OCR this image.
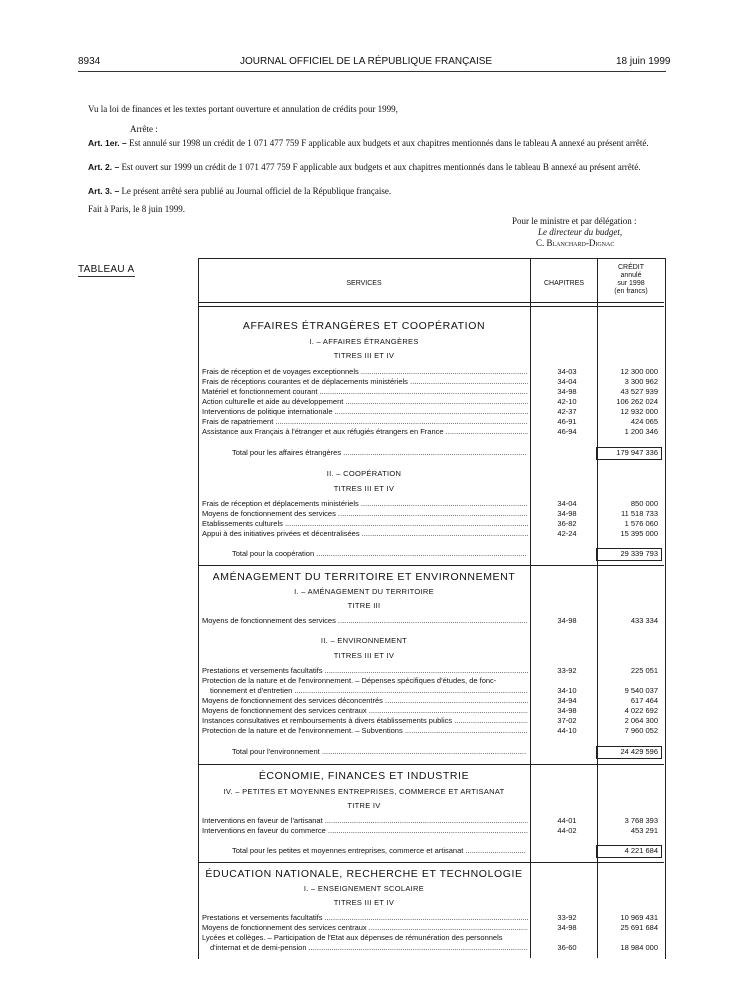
8934	JOURNAL OFFICIEL DE LA RÉPUBLIQUE FRANÇAISE	18 juin 1999
Vu la loi de finances et les textes portant ouverture et annulation de crédits pour 1999,
Arrête :
Art. 1er. – Est annulé sur 1998 un crédit de 1 071 477 759 F applicable aux budgets et aux chapitres mentionnés dans le tableau A annexé au présent arrêté.
Art. 2. – Est ouvert sur 1999 un crédit de 1 071 477 759 F applicable aux budgets et aux chapitres mentionnés dans le tableau B annexé au présent arrêté.
Art. 3. – Le présent arrêté sera publié au Journal officiel de la République française.
Fait à Paris, le 8 juin 1999.
Pour le ministre et par délégation :
Le directeur du budget,
C. Blanchard-Dignac
TABLEAU A
SERVICES	CHAPITRES
CRÉDIT
annulé
sur 1998
(en francs)
AFFAIRES ÉTRANGÈRES ET COOPÉRATION
I. – AFFAIRES ÉTRANGÈRES
TITRES III ET IV
Frais de réception et de voyages exceptionnels .....	34-03	12 300 000
Frais de réceptions courantes et de déplacements ministériels .....	34-04	3 300 962
Matériel et fonctionnement courant .....	34-98	43 527 939
Action culturelle et aide au développement .....	42-10	106 262 024
Interventions de politique internationale .....	42-37	12 932 000
Frais de rapatriement .....	46-91	424 065
Assistance aux Français à l'étranger et aux réfugiés étrangers en France .....	46-94	1 200 346
Total pour les affaires étrangères .....	179 947 336
II. – COOPÉRATION
TITRES III ET IV
Frais de réception et déplacements ministériels .....	34-04	850 000
Moyens de fonctionnement des services .....	34-98	11 518 733
Etablissements culturels .....	36-82	1 576 060
Appui à des initiatives privées et décentralisées .....	42-24	15 395 000
Total pour la coopération .....	29 339 793
AMÉNAGEMENT DU TERRITOIRE ET ENVIRONNEMENT
I. – AMÉNAGEMENT DU TERRITOIRE
TITRE III
Moyens de fonctionnement des services .....	34-98	433 334
II. – ENVIRONNEMENT
TITRES III ET IV
Prestations et versements facultatifs .....	33-92	225 051
Protection de la nature et de l'environnement. – Dépenses spécifiques d'études, de fonc-
tionnement et d'entretien .....	34-10	9 540 037
Moyens de fonctionnement des services déconcentrés .....	34-94	617 464
Moyens de fonctionnement des services centraux .....	34-98	4 022 692
Instances consultatives et remboursements à divers établissements publics .....	37-02	2 064 300
Protection de la nature et de l'environnement. – Subventions .....	44-10	7 960 052
Total pour l'environnement .....	24 429 596
ÉCONOMIE, FINANCES ET INDUSTRIE
IV. – PETITES ET MOYENNES ENTREPRISES, COMMERCE ET ARTISANAT
TITRE IV
Interventions en faveur de l'artisanat .....	44-01	3 768 393
Interventions en faveur du commerce .....	44-02	453 291
Total pour les petites et moyennes entreprises, commerce et artisanat .....	4 221 684
ÉDUCATION NATIONALE, RECHERCHE ET TECHNOLOGIE
I. – ENSEIGNEMENT SCOLAIRE
TITRES III ET IV
Prestations et versements facultatifs .....	33-92	10 969 431
Moyens de fonctionnement des services centraux .....	34-98	25 691 684
Lycées et collèges. – Participation de l'Etat aux dépenses de rémunération des personnels
d'internat et de demi-pension .....	36-60	18 984 000
